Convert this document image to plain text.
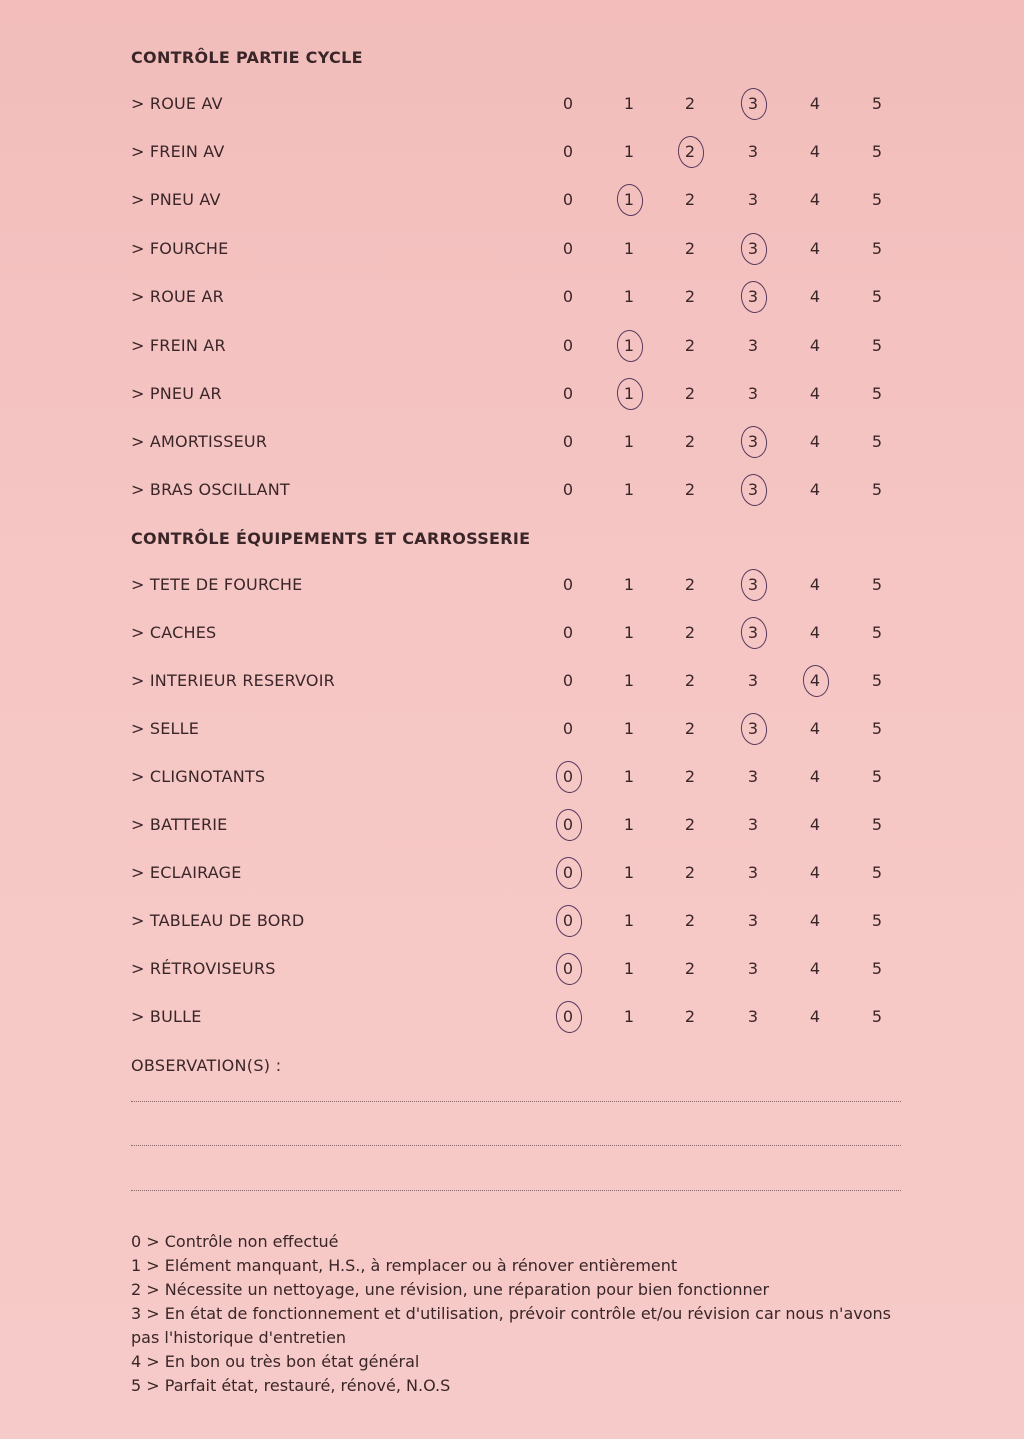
CONTRÔLE PARTIE CYCLE
> ROUE AV	0	1	2	3	4	5
> FREIN AV	0	1	2	3	4	5
> PNEU AV	0	1	2	3	4	5
> FOURCHE	0	1	2	3	4	5
> ROUE AR	0	1	2	3	4	5
> FREIN AR	0	1	2	3	4	5
> PNEU AR	0	1	2	3	4	5
> AMORTISSEUR	0	1	2	3	4	5
> BRAS OSCILLANT	0	1	2	3	4	5
CONTRÔLE ÉQUIPEMENTS ET CARROSSERIE
> TETE DE FOURCHE	0	1	2	3	4	5
> CACHES	0	1	2	3	4	5
> INTERIEUR RESERVOIR	0	1	2	3	4	5
> SELLE	0	1	2	3	4	5
> CLIGNOTANTS	0	1	2	3	4	5
> BATTERIE	0	1	2	3	4	5
> ECLAIRAGE	0	1	2	3	4	5
> TABLEAU DE BORD	0	1	2	3	4	5
> RÉTROVISEURS	0	1	2	3	4	5
> BULLE	0	1	2	3	4	5
OBSERVATION(S) :
0 > Contrôle non effectué
1 > Elément manquant, H.S., à remplacer ou à rénover entièrement
2 > Nécessite un nettoyage, une révision, une réparation pour bien fonctionner
3 > En état de fonctionnement et d'utilisation, prévoir contrôle et/ou révision car nous n'avons pas l'historique d'entretien
4 > En bon ou très bon état général
5 > Parfait état, restauré, rénové, N.O.S
